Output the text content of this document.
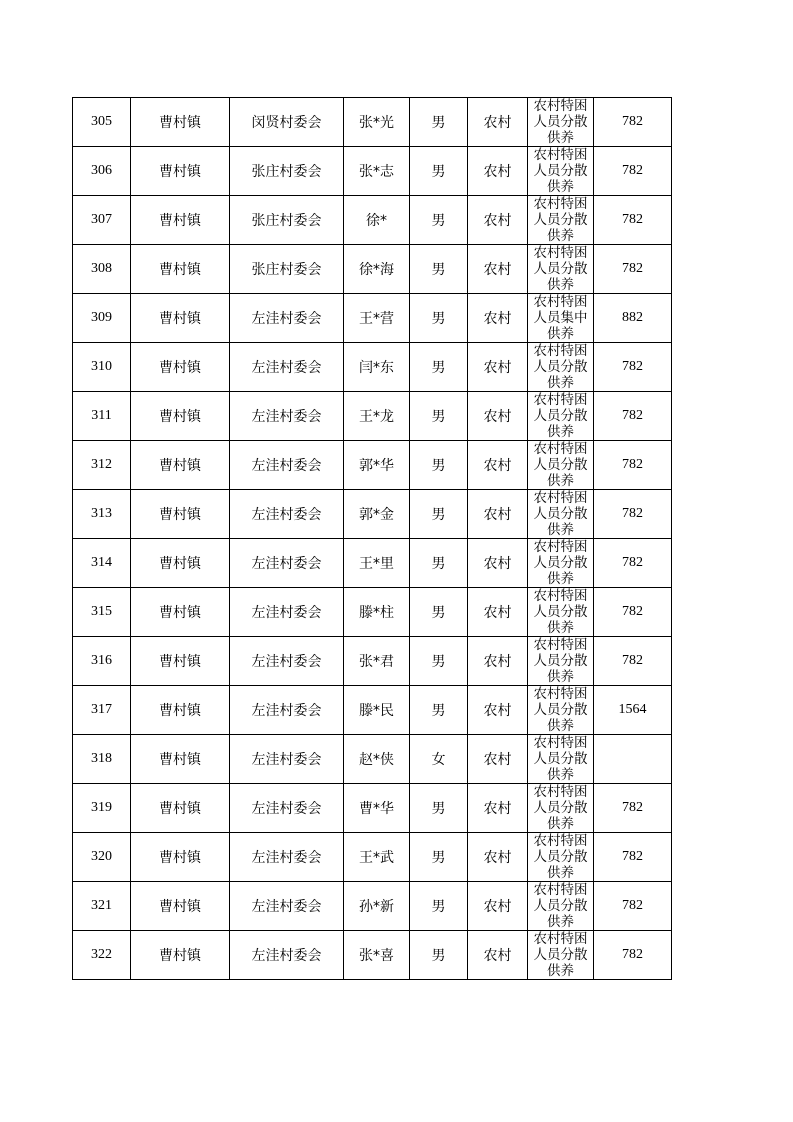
305	曹村镇	闵贤村委会	张*光	男	农村	农村特困人员分散供养	782
306	曹村镇	张庄村委会	张*志	男	农村	农村特困人员分散供养	782
307	曹村镇	张庄村委会	徐*	男	农村	农村特困人员分散供养	782
308	曹村镇	张庄村委会	徐*海	男	农村	农村特困人员分散供养	782
309	曹村镇	左洼村委会	王*营	男	农村	农村特困人员集中供养	882
310	曹村镇	左洼村委会	闫*东	男	农村	农村特困人员分散供养	782
311	曹村镇	左洼村委会	王*龙	男	农村	农村特困人员分散供养	782
312	曹村镇	左洼村委会	郭*华	男	农村	农村特困人员分散供养	782
313	曹村镇	左洼村委会	郭*金	男	农村	农村特困人员分散供养	782
314	曹村镇	左洼村委会	王*里	男	农村	农村特困人员分散供养	782
315	曹村镇	左洼村委会	滕*柱	男	农村	农村特困人员分散供养	782
316	曹村镇	左洼村委会	张*君	男	农村	农村特困人员分散供养	782
317	曹村镇	左洼村委会	滕*民	男	农村	农村特困人员分散供养	1564
318	曹村镇	左洼村委会	赵*侠	女	农村	农村特困人员分散供养	

319	曹村镇	左洼村委会	曹*华	男	农村	农村特困人员分散供养	782
320	曹村镇	左洼村委会	王*武	男	农村	农村特困人员分散供养	782
321	曹村镇	左洼村委会	孙*新	男	农村	农村特困人员分散供养	782
322	曹村镇	左洼村委会	张*喜	男	农村	农村特困人员分散供养	782
